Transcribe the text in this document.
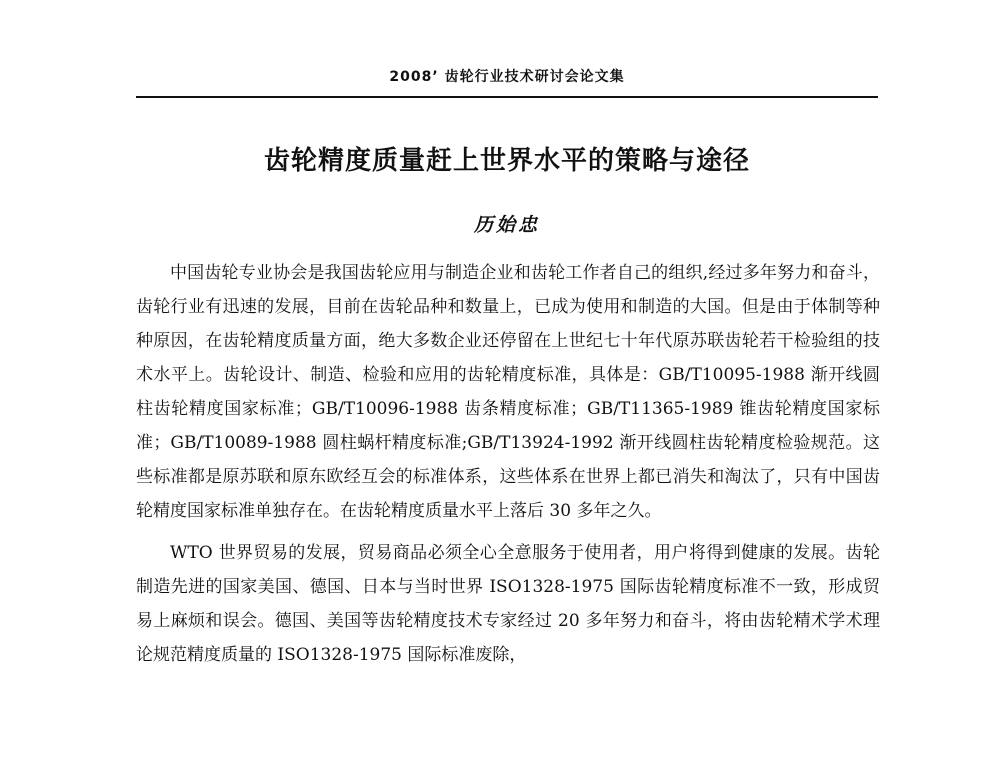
2008’ 齿轮行业技术研讨会论文集
齿轮精度质量赶上世界水平的策略与途径
历始忠

中国齿轮专业协会是我国齿轮应用与制造企业和齿轮工作者自己的组织,经过多年努力和奋斗，齿轮行业有迅速的发展，目前在齿轮品种和数量上，已成为使用和制造的大国。但是由于体制等种种原因，在齿轮精度质量方面，绝大多数企业还停留在上世纪七十年代原苏联齿轮若干检验组的技术水平上。齿轮设计、制造、检验和应用的齿轮精度标准，具体是：GB/T10095-1988 渐开线圆柱齿轮精度国家标准；GB/T10096-1988 齿条精度标准；GB/T11365-1989 锥齿轮精度国家标准；GB/T10089-1988 圆柱蜗杆精度标准;GB/T13924-1992 渐开线圆柱齿轮精度检验规范。这些标准都是原苏联和原东欧经互会的标准体系，这些体系在世界上都已消失和淘汰了，只有中国齿轮精度国家标准单独存在。在齿轮精度质量水平上落后 30 多年之久。

WTO 世界贸易的发展，贸易商品必须全心全意服务于使用者，用户将得到健康的发展。齿轮制造先进的国家美国、德国、日本与当时世界 ISO1328-1975 国际齿轮精度标准不一致，形成贸易上麻烦和误会。德国、美国等齿轮精度技术专家经过 20 多年努力和奋斗，将由齿轮精术学术理论规范精度质量的 ISO1328-1975 国际标准废除，
